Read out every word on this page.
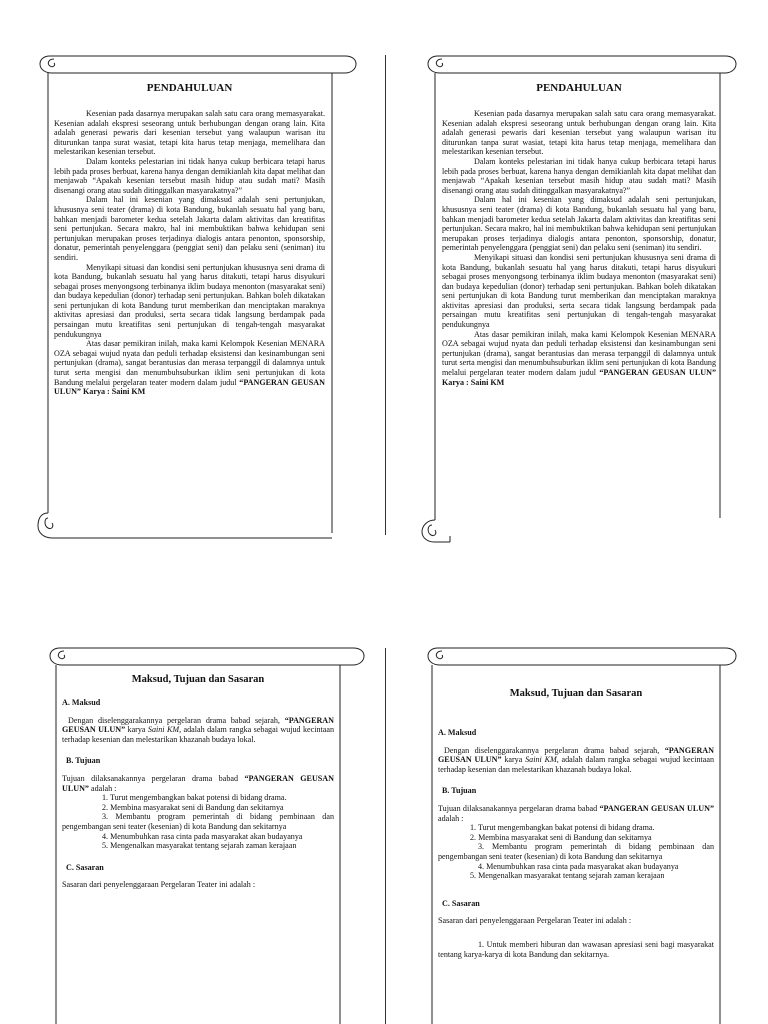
PENDAHULUAN

Kesenian pada dasarnya merupakan salah satu cara orang memasyarakat. Kesenian adalah ekspresi seseorang untuk berhubungan dengan orang lain. Kita adalah generasi pewaris dari kesenian tersebut yang walaupun warisan itu diturunkan tanpa surat wasiat, tetapi kita harus tetap menjaga, memelihara dan melestarikan kesenian tersebut.

Dalam konteks pelestarian ini tidak hanya cukup berbicara tetapi harus lebih pada proses berbuat, karena hanya dengan demikianlah kita dapat melihat dan menjawab “Apakah kesenian tersebut masih hidup atau sudah mati? Masih disenangi orang atau sudah ditinggalkan masyarakatnya?”

Dalam hal ini kesenian yang dimaksud adalah seni pertunjukan, khususnya seni teater (drama) di kota Bandung, bukanlah sesuatu hal yang baru, bahkan menjadi barometer kedua setelah Jakarta dalam aktivitas dan kreatifitas seni pertunjukan. Secara makro, hal ini membuktikan bahwa kehidupan seni pertunjukan merupakan proses terjadinya dialogis antara penonton, sponsorship, donatur, pemerintah penyelenggara (penggiat seni) dan pelaku seni (seniman) itu sendiri.

Menyikapi situasi dan kondisi seni pertunjukan khususnya seni drama di kota Bandung, bukanlah sesuatu hal yang harus ditakuti, tetapi harus disyukuri sebagai proses menyongsong terbinanya iklim budaya menonton (masyarakat seni) dan budaya kepedulian (donor) terhadap seni pertunjukan. Bahkan boleh dikatakan seni pertunjukan di kota Bandung turut memberikan dan menciptakan maraknya aktivitas apresiasi dan produksi, serta secara tidak langsung berdampak pada persaingan mutu kreatifitas seni pertunjukan di tengah-tengah masyarakat pendukungnya

Atas dasar pemikiran inilah, maka kami Kelompok Kesenian MENARA OZA sebagai wujud nyata dan peduli terhadap eksistensi dan kesinambungan seni pertunjukan (drama), sangat berantusias dan merasa terpanggil di dalamnya untuk turut serta mengisi dan menumbuhsuburkan iklim seni pertunjukan di kota Bandung melalui pergelaran teater modern dalam judul “PANGERAN GEUSAN ULUN” Karya : Saini KM

PENDAHULUAN

Kesenian pada dasarnya merupakan salah satu cara orang memasyarakat. Kesenian adalah ekspresi seseorang untuk berhubungan dengan orang lain. Kita adalah generasi pewaris dari kesenian tersebut yang walaupun warisan itu diturunkan tanpa surat wasiat, tetapi kita harus tetap menjaga, memelihara dan melestarikan kesenian tersebut.

Dalam konteks pelestarian ini tidak hanya cukup berbicara tetapi harus lebih pada proses berbuat, karena hanya dengan demikianlah kita dapat melihat dan menjawab “Apakah kesenian tersebut masih hidup atau sudah mati? Masih disenangi orang atau sudah ditinggalkan masyarakatnya?”

Dalam hal ini kesenian yang dimaksud adalah seni pertunjukan, khususnya seni teater (drama) di kota Bandung, bukanlah sesuatu hal yang baru, bahkan menjadi barometer kedua setelah Jakarta dalam aktivitas dan kreatifitas seni pertunjukan. Secara makro, hal ini membuktikan bahwa kehidupan seni pertunjukan merupakan proses terjadinya dialogis antara penonton, sponsorship, donatur, pemerintah penyelenggara (penggiat seni) dan pelaku seni (seniman) itu sendiri.

Menyikapi situasi dan kondisi seni pertunjukan khususnya seni drama di kota Bandung, bukanlah sesuatu hal yang harus ditakuti, tetapi harus disyukuri sebagai proses menyongsong terbinanya iklim budaya menonton (masyarakat seni) dan budaya kepedulian (donor) terhadap seni pertunjukan. Bahkan boleh dikatakan seni pertunjukan di kota Bandung turut memberikan dan menciptakan maraknya aktivitas apresiasi dan produksi, serta secara tidak langsung berdampak pada persaingan mutu kreatifitas seni pertunjukan di tengah-tengah masyarakat pendukungnya

Atas dasar pemikiran inilah, maka kami Kelompok Kesenian MENARA OZA sebagai wujud nyata dan peduli terhadap eksistensi dan kesinambungan seni pertunjukan (drama), sangat berantusias dan merasa terpanggil di dalamnya untuk turut serta mengisi dan menumbuhsuburkan iklim seni pertunjukan di kota Bandung melalui pergelaran teater modern dalam judul “PANGERAN GEUSAN ULUN” Karya : Saini KM

Maksud, Tujuan dan Sasaran
A. Maksud

Dengan diselenggarakannya pergelaran drama babad sejarah, “PANGERAN GEUSAN ULUN” karya Saini KM, adalah dalam rangka sebagai wujud kecintaan terhadap kesenian dan melestarikan khazanah budaya lokal.

B. Tujuan

Tujuan dilaksanakannya pergelaran drama babad “PANGERAN GEUSAN ULUN” adalah :

1. Turut mengembangkan bakat potensi di bidang drama.

2. Membina masyarakat seni di Bandung dan sekitarnya

3. Membantu program pemerintah di bidang pembinaan dan pengembangan seni teater (kesenian) di kota Bandung dan sekitarnya

4. Menumbuhkan rasa cinta pada masyarakat akan budayanya

5. Mengenalkan masyarakat tentang sejarah zaman kerajaan

C. Sasaran

Sasaran dari penyelenggaraan Pergelaran Teater ini adalah :

Maksud, Tujuan dan Sasaran
A. Maksud

Dengan diselenggarakannya pergelaran drama babad sejarah, “PANGERAN GEUSAN ULUN” karya Saini KM, adalah dalam rangka sebagai wujud kecintaan terhadap kesenian dan melestarikan khazanah budaya lokal.

B. Tujuan

Tujuan dilaksanakannya pergelaran drama babad “PANGERAN GEUSAN ULUN” adalah :

1. Turut mengembangkan bakat potensi di bidang drama.

2. Membina masyarakat seni di Bandung dan sekitarnya

3. Membantu program pemerintah di bidang pembinaan dan pengembangan seni teater (kesenian) di kota Bandung dan sekitarnya

4. Menumbuhkan rasa cinta pada masyarakat akan budayanya

5. Mengenalkan masyarakat tentang sejarah zaman kerajaan

C. Sasaran

Sasaran dari penyelenggaraan Pergelaran Teater ini adalah :

1. Untuk memberi hiburan dan wawasan apresiasi seni bagi masyarakat tentang karya-karya di kota Bandung dan sekitarnya.
